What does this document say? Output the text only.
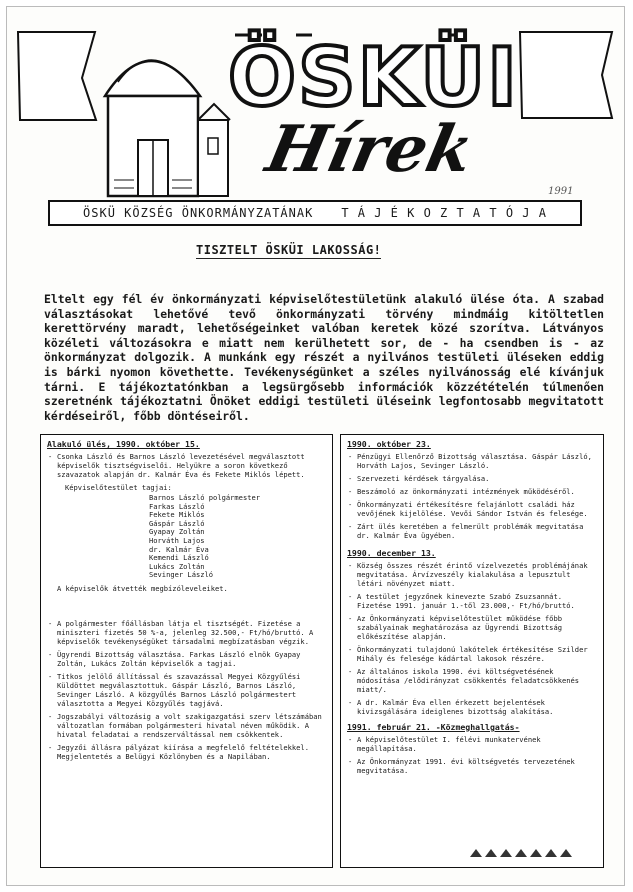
ÖSKÜI
Hírek
1991
ÖSKÜ KÖZSÉG ÖNKORMÁNYZATÁNAK T Á J É K O Z T A T Ó J A
TISZTELT ÖSKÜI LAKOSSÁG!
Eltelt egy fél év önkormányzati képviselőtestületünk alakuló ülése óta. A szabad választásokat lehetővé tevő önkormányzati törvény mindmáig kitöltetlen kerettörvény maradt, lehetőségeinket valóban keretek közé szorítva. Látványos közéleti változásokra e miatt nem kerülhetett sor, de - ha csendben is - az önkormányzat dolgozik. A munkánk egy részét a nyilvános testületi üléseken eddig is bárki nyomon követhette. Tevékenységünket a széles nyilvánosság elé kívánjuk tárni. E tájékoztatónkban a legsürgősebb információk közzétételén túlmenően szeretnénk tájékoztatni Önöket eddigi testületi üléseink legfontosabb megvitatott kérdéseiről, főbb döntéseiről.
Alakuló ülés, 1990. október 15.
- Csonka László és Barnos László levezetésével megválasztott képviselők tisztségviselői. Helyükre a soron következő szavazatok alapján dr. Kalmár Éva és Fekete Miklós lépett.
Képviselőtestület tagjai:
Barnos László polgármester
Farkas László
Fekete Miklós
Gáspár László
Gyapay Zoltán
Horváth Lajos
dr. Kalmár Éva
Kemendi László
Lukács Zoltán
Sevinger László
A képviselők átvették megbízóleveleiket.
- A polgármester főállásban látja el tisztségét. Fizetése a miniszteri fizetés 50 %-a, jelenleg 32.500,- Ft/hó/bruttó. A képviselők tevékenységüket társadalmi megbízatásban végzik.
- Ügyrendi Bizottság választása. Farkas László elnök Gyapay Zoltán, Lukács Zoltán képviselők a tagjai.
- Titkos jelölő állítással és szavazással Megyei Közgyűlési Küldöttet megválasztottuk. Gáspár László, Barnos László, Sevinger László. A közgyűlés Barnos László polgármestert választotta a Megyei Közgyűlés tagjává.
- Jogszabályi változásig a volt szakigazgatási szerv létszámában változatlan formában polgármesteri hivatal néven működik. A hivatal feladatai a rendszerváltással nem csökkentek.
- Jegyzői állásra pályázat kiírása a megfelelő feltételekkel. Megjelentetés a Belügyi Közlönyben és a Napilában.
1990. október 23.
- Pénzügyi Ellenőrző Bizottság választása. Gáspár László, Horváth Lajos, Sevinger László.
- Szervezeti kérdések tárgyalása.
- Beszámoló az önkormányzati intézmények működéséről.
- Önkormányzati értékesítésre felajánlott családi ház vevőjének kijelölése. Vevői Sándor István és felesége.
- Zárt ülés keretében a felmerült problémák megvitatása dr. Kalmár Éva ügyében.
1990. december 13.
- Község összes részét érintő vízelvezetés problémájának megvitatása. Árvízveszély kialakulása a lepusztult létári növényzet miatt.
- A testület jegyzőnek kinevezte Szabó Zsuzsannát. Fizetése 1991. január 1.-től 23.000,- Ft/hó/bruttó.
- Az Önkormányzati képviselőtestület működése főbb szabályainak meghatározása az Ügyrendi Bizottság előkészítése alapján.
- Önkormányzati tulajdonú lakótelek értékesítése Szilder Mihály és felesége kádártal lakosok részére.
- Az általános iskola 1990. évi költségvetésének módosítása /elődirányzat csökkentés feladatcsökkenés miatt/.
- A dr. Kalmár Éva ellen érkezett bejelentések kivizsgálására ideiglenes bizottság alakítása.
1991. február 21. -Közmeghallgatás-
- A képviselőtestület I. félévi munkatervének megállapítása.
- Az Önkormányzat 1991. évi költségvetés tervezetének megvitatása.
